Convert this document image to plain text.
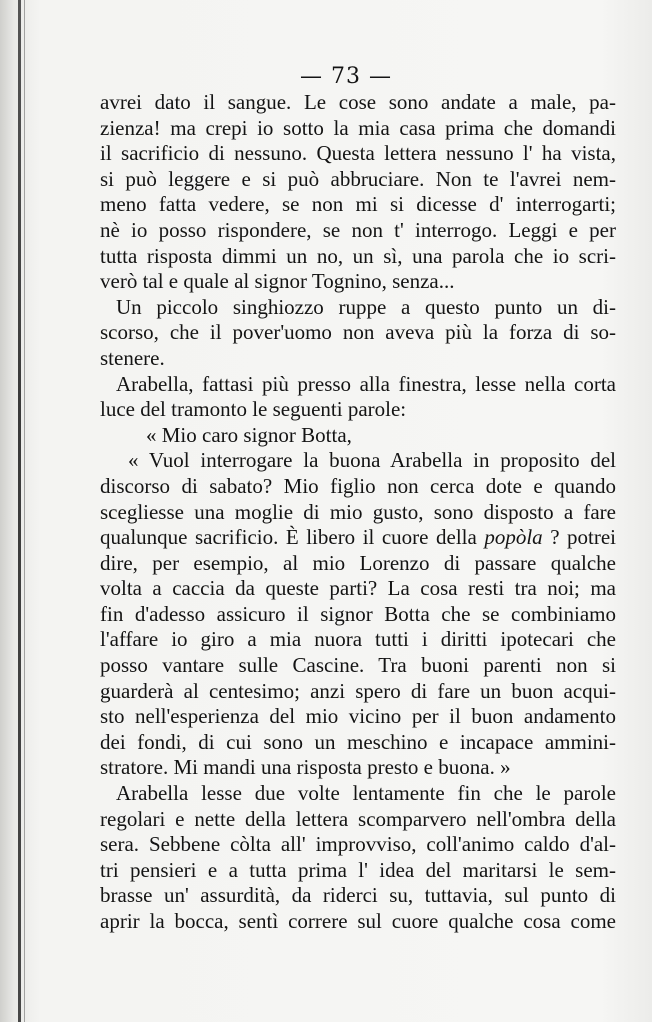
— 73 —
avrei dato il sangue. Le cose sono andate a male, pa-
zienza! ma crepi io sotto la mia casa prima che domandi
il sacrificio di nessuno. Questa lettera nessuno l' ha vista,
si può leggere e si può abbruciare. Non te l'avrei nem-
meno fatta vedere, se non mi si dicesse d' interrogarti;
nè io posso rispondere, se non t' interrogo. Leggi e per
tutta risposta dimmi un no, un sì, una parola che io scri-
verò tal e quale al signor Tognino, senza...
Un piccolo singhiozzo ruppe a questo punto un di-
scorso, che il pover'uomo non aveva più la forza di so-
stenere.
Arabella, fattasi più presso alla finestra, lesse nella corta
luce del tramonto le seguenti parole:
« Mio caro signor Botta,
« Vuol interrogare la buona Arabella in proposito del
discorso di sabato? Mio figlio non cerca dote e quando
scegliesse una moglie di mio gusto, sono disposto a fare
qualunque sacrificio. È libero il cuore della popòla ? potrei
dire, per esempio, al mio Lorenzo di passare qualche
volta a caccia da queste parti? La cosa resti tra noi; ma
fin d'adesso assicuro il signor Botta che se combiniamo
l'affare io giro a mia nuora tutti i diritti ipotecari che
posso vantare sulle Cascine. Tra buoni parenti non si
guarderà al centesimo; anzi spero di fare un buon acqui-
sto nell'esperienza del mio vicino per il buon andamento
dei fondi, di cui sono un meschino e incapace ammini-
stratore. Mi mandi una risposta presto e buona. »
Arabella lesse due volte lentamente fin che le parole
regolari e nette della lettera scomparvero nell'ombra della
sera. Sebbene còlta all' improvviso, coll'animo caldo d'al-
tri pensieri e a tutta prima l' idea del maritarsi le sem-
brasse un' assurdità, da riderci su, tuttavia, sul punto di
aprir la bocca, sentì correre sul cuore qualche cosa come
